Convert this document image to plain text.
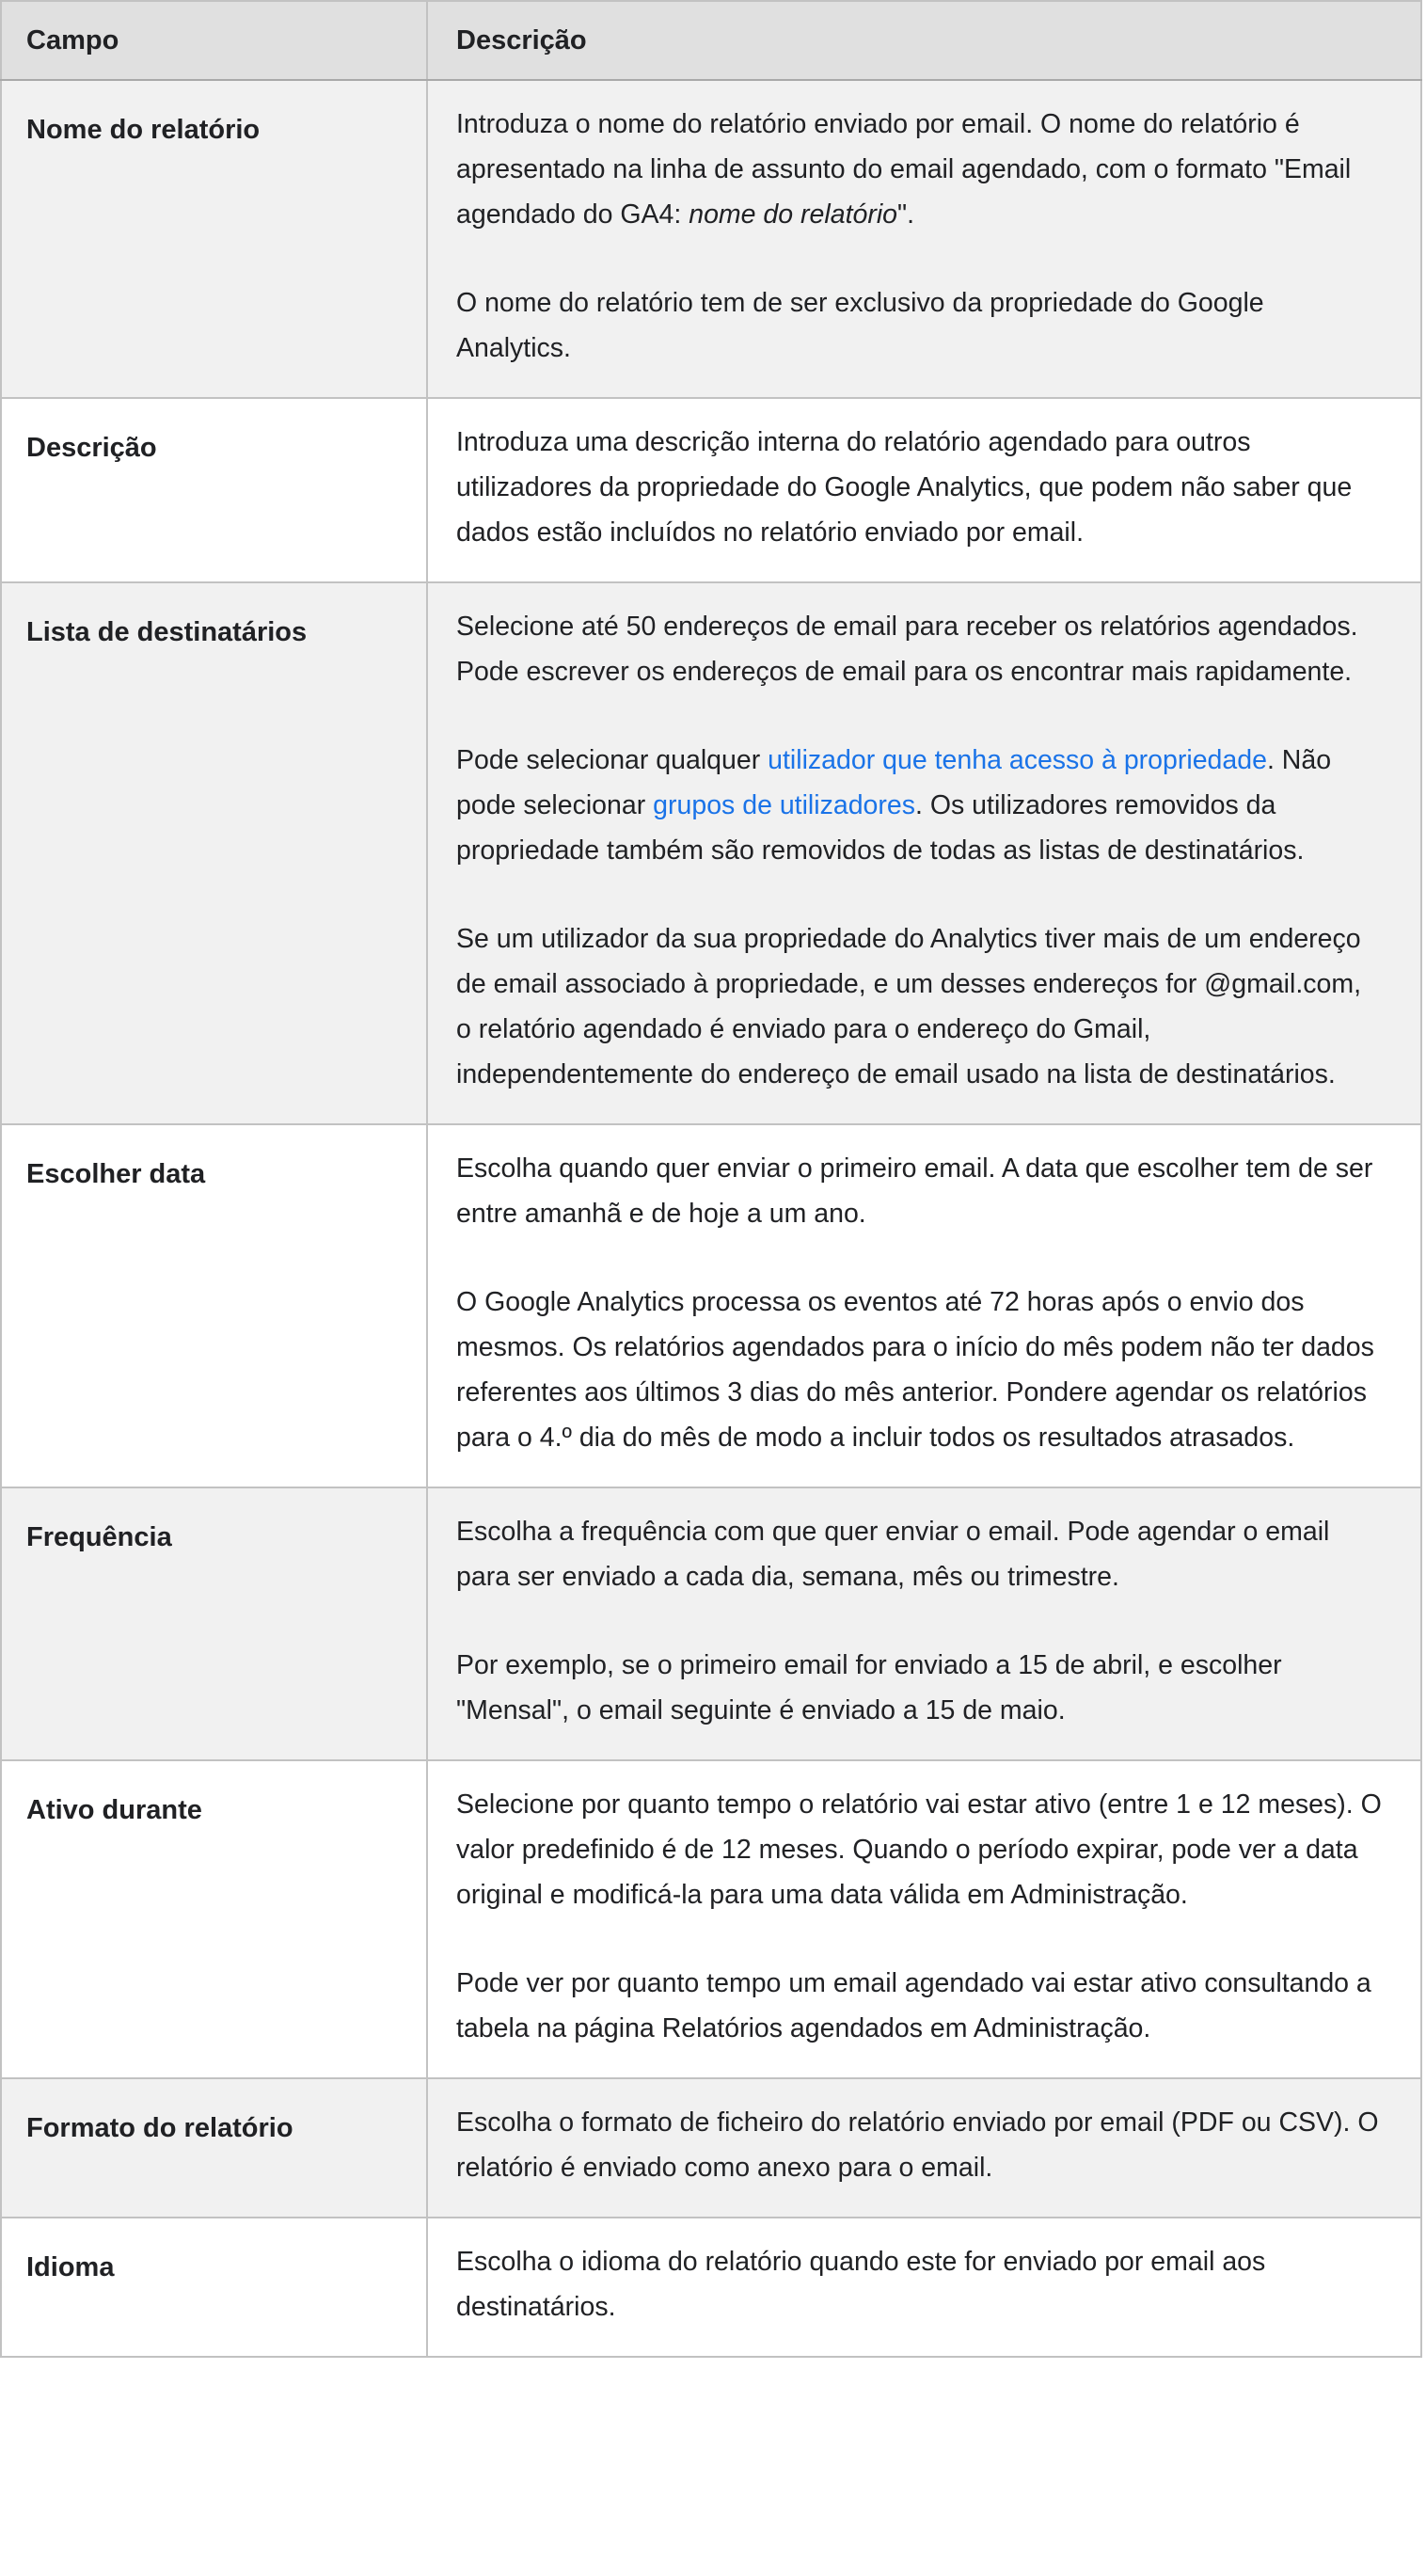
Campo	Descrição
Nome do relatório	Introduza o nome do relatório enviado por email. O nome do relatório é apresentado na linha de assunto do email agendado, com o formato "Email agendado do GA4: nome do relatório".

O nome do relatório tem de ser exclusivo da propriedade do Google Analytics.

Descrição	Introduza uma descrição interna do relatório agendado para outros utilizadores da propriedade do Google Analytics, que podem não saber que dados estão incluídos no relatório enviado por email.

Lista de destinatários	Selecione até 50 endereços de email para receber os relatórios agendados. Pode escrever os endereços de email para os encontrar mais rapidamente.

Pode selecionar qualquer utilizador que tenha acesso à propriedade. Não pode selecionar grupos de utilizadores. Os utilizadores removidos da propriedade também são removidos de todas as listas de destinatários.

Se um utilizador da sua propriedade do Analytics tiver mais de um endereço de email associado à propriedade, e um desses endereços for @gmail.com, o relatório agendado é enviado para o endereço do Gmail, independentemente do endereço de email usado na lista de destinatários.

Escolher data	Escolha quando quer enviar o primeiro email. A data que escolher tem de ser entre amanhã e de hoje a um ano.

O Google Analytics processa os eventos até 72 horas após o envio dos mesmos. Os relatórios agendados para o início do mês podem não ter dados referentes aos últimos 3 dias do mês anterior. Pondere agendar os relatórios para o 4.º dia do mês de modo a incluir todos os resultados atrasados.

Frequência	Escolha a frequência com que quer enviar o email. Pode agendar o email para ser enviado a cada dia, semana, mês ou trimestre.

Por exemplo, se o primeiro email for enviado a 15 de abril, e escolher "Mensal", o email seguinte é enviado a 15 de maio.

Ativo durante	Selecione por quanto tempo o relatório vai estar ativo (entre 1 e 12 meses). O valor predefinido é de 12 meses. Quando o período expirar, pode ver a data original e modificá-la para uma data válida em Administração.

Pode ver por quanto tempo um email agendado vai estar ativo consultando a tabela na página Relatórios agendados em Administração.

Formato do relatório	Escolha o formato de ficheiro do relatório enviado por email (PDF ou CSV). O relatório é enviado como anexo para o email.

Idioma	Escolha o idioma do relatório quando este for enviado por email aos destinatários.
